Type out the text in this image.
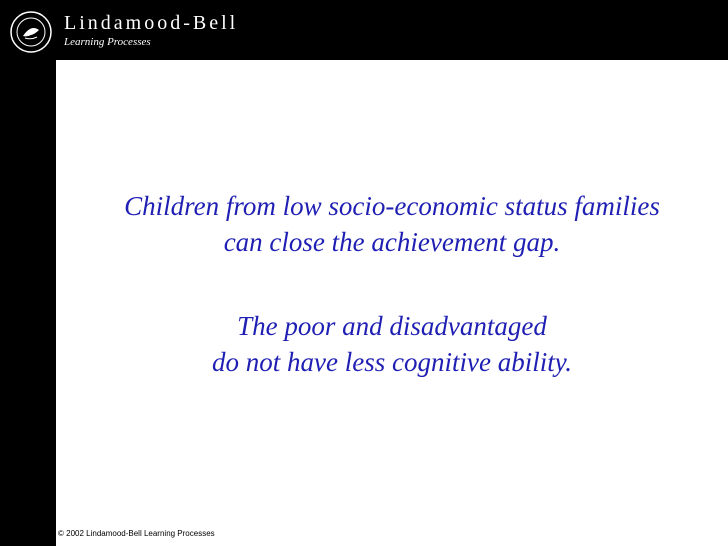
Lindamood-Bell
Learning Processes
Children from low socio-economic status families
can close the achievement gap.
The poor and disadvantaged
do not have less cognitive ability.
© 2002 Lindamood-Bell Learning Processes
